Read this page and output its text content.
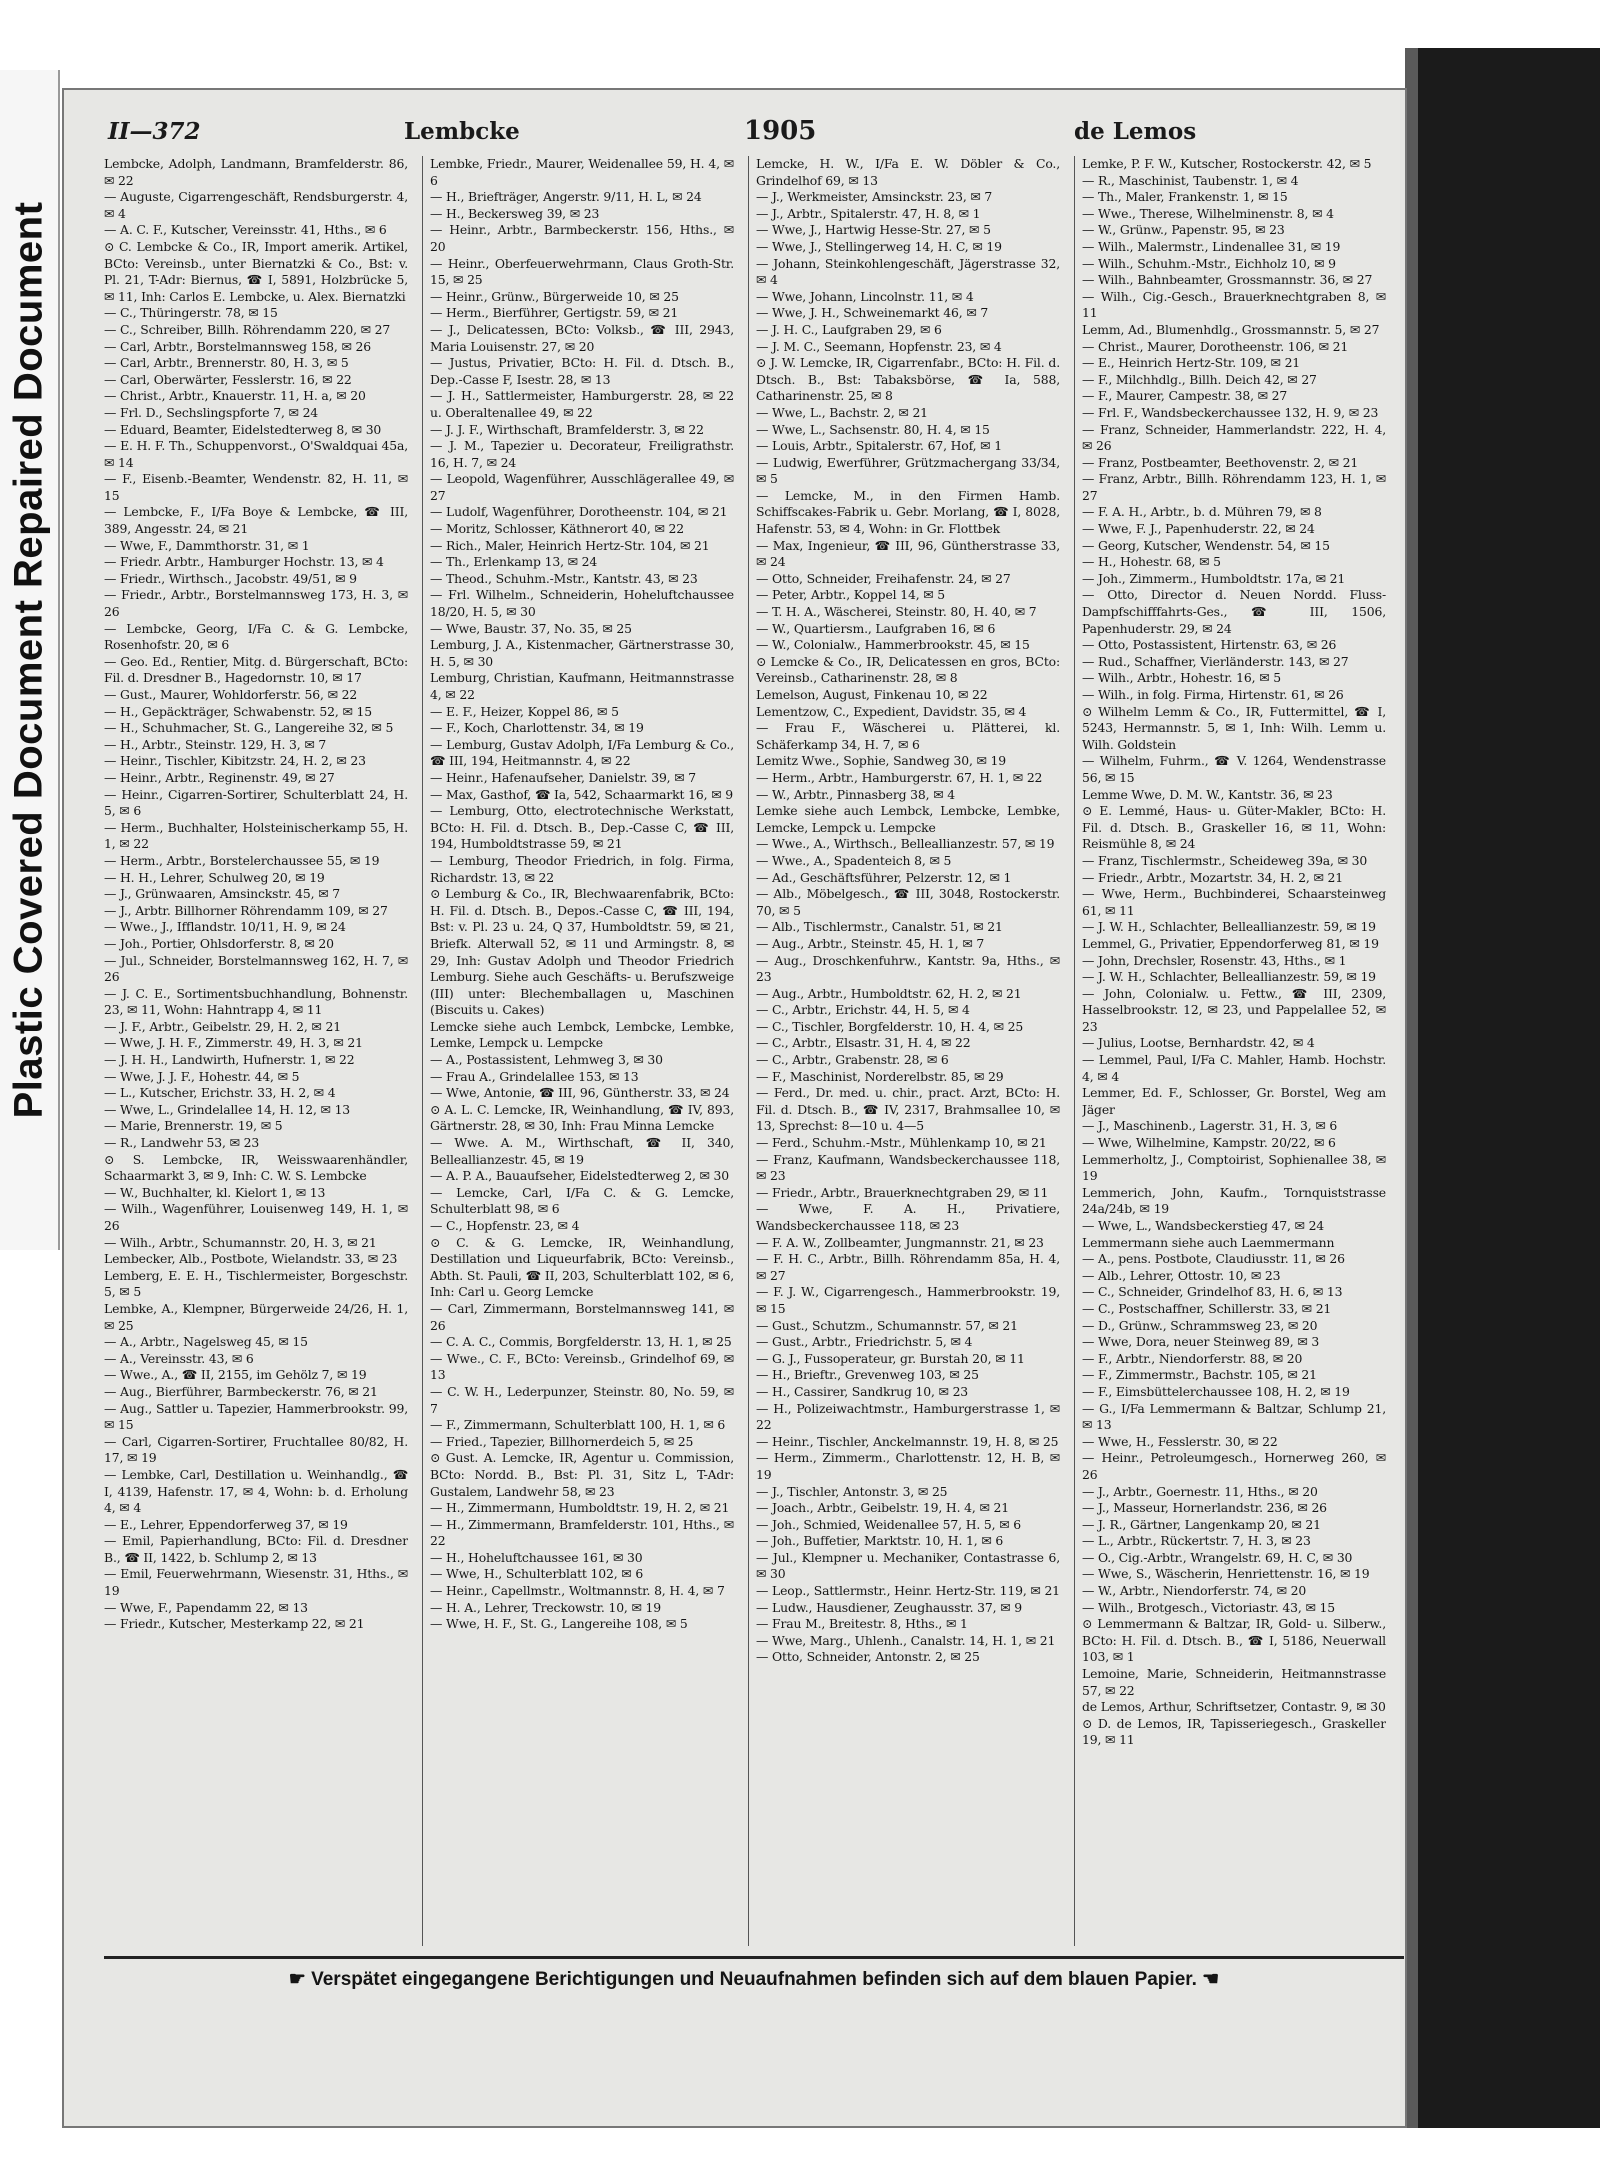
Plastic Covered Document Repaired Document
II—372	Lembcke	1905	de Lemos

Lembcke, Adolph, Landmann, Bramfelderstr. 86, ✉ 22

— Auguste, Cigarrengeschäft, Rendsburgerstr. 4, ✉ 4

— A. C. F., Kutscher, Vereinsstr. 41, Hths., ✉ 6

⊙ C. Lembcke & Co., IR, Import amerik. Artikel, BCto: Vereinsb., unter Biernatzki & Co., Bst: v. Pl. 21, T-Adr: Biernus, ☎ I, 5891, Holzbrücke 5, ✉ 11, Inh: Carlos E. Lembcke, u. Alex. Biernatzki

— C., Thüringerstr. 78, ✉ 15

— C., Schreiber, Billh. Röhrendamm 220, ✉ 27

— Carl, Arbtr., Borstelmannsweg 158, ✉ 26

— Carl, Arbtr., Brennerstr. 80, H. 3, ✉ 5

— Carl, Oberwärter, Fesslerstr. 16, ✉ 22

— Christ., Arbtr., Knauerstr. 11, H. a, ✉ 20

— Frl. D., Sechslingspforte 7, ✉ 24

— Eduard, Beamter, Eidelstedterweg 8, ✉ 30

— E. H. F. Th., Schuppenvorst., O'Swaldquai 45a, ✉ 14

— F., Eisenb.-Beamter, Wendenstr. 82, H. 11, ✉ 15

— Lembcke, F., I/Fa Boye & Lembcke, ☎ III, 389, Angesstr. 24, ✉ 21

— Wwe, F., Dammthorstr. 31, ✉ 1

— Friedr. Arbtr., Hamburger Hochstr. 13, ✉ 4

— Friedr., Wirthsch., Jacobstr. 49/51, ✉ 9

— Friedr., Arbtr., Borstelmannsweg 173, H. 3, ✉ 26

— Lembcke, Georg, I/Fa C. & G. Lembcke, Rosenhofstr. 20, ✉ 6

— Geo. Ed., Rentier, Mitg. d. Bürgerschaft, BCto: Fil. d. Dresdner B., Hagedornstr. 10, ✉ 17

— Gust., Maurer, Wohldorferstr. 56, ✉ 22

— H., Gepäckträger, Schwabenstr. 52, ✉ 15

— H., Schuhmacher, St. G., Langereihe 32, ✉ 5

— H., Arbtr., Steinstr. 129, H. 3, ✉ 7

— Heinr., Tischler, Kibitzstr. 24, H. 2, ✉ 23

— Heinr., Arbtr., Reginenstr. 49, ✉ 27

— Heinr., Cigarren-Sortirer, Schulterblatt 24, H. 5, ✉ 6

— Herm., Buchhalter, Holsteinischerkamp 55, H. 1, ✉ 22

— Herm., Arbtr., Borstelerchaussee 55, ✉ 19

— H. H., Lehrer, Schulweg 20, ✉ 19

— J., Grünwaaren, Amsinckstr. 45, ✉ 7

— J., Arbtr. Billhorner Röhrendamm 109, ✉ 27

— Wwe., J., Ifflandstr. 10/11, H. 9, ✉ 24

— Joh., Portier, Ohlsdorferstr. 8, ✉ 20

— Jul., Schneider, Borstelmannsweg 162, H. 7, ✉ 26

— J. C. E., Sortimentsbuchhandlung, Bohnenstr. 23, ✉ 11, Wohn: Hahntrapp 4, ✉ 11

— J. F., Arbtr., Geibelstr. 29, H. 2, ✉ 21

— Wwe, J. H. F., Zimmerstr. 49, H. 3, ✉ 21

— J. H. H., Landwirth, Hufnerstr. 1, ✉ 22

— Wwe, J. J. F., Hohestr. 44, ✉ 5

— L., Kutscher, Erichstr. 33, H. 2, ✉ 4

— Wwe, L., Grindelallee 14, H. 12, ✉ 13

— Marie, Brennerstr. 19, ✉ 5

— R., Landwehr 53, ✉ 23

⊙ S. Lembcke, IR, Weisswaarenhändler, Schaarmarkt 3, ✉ 9, Inh: C. W. S. Lembcke

— W., Buchhalter, kl. Kielort 1, ✉ 13

— Wilh., Wagenführer, Louisenweg 149, H. 1, ✉ 26

— Wilh., Arbtr., Schumannstr. 20, H. 3, ✉ 21

Lembecker, Alb., Postbote, Wielandstr. 33, ✉ 23

Lemberg, E. E. H., Tischlermeister, Borgeschstr. 5, ✉ 5

Lembke, A., Klempner, Bürgerweide 24/26, H. 1, ✉ 25

— A., Arbtr., Nagelsweg 45, ✉ 15

— A., Vereinsstr. 43, ✉ 6

— Wwe., A., ☎ II, 2155, im Gehölz 7, ✉ 19

— Aug., Bierführer, Barmbeckerstr. 76, ✉ 21

— Aug., Sattler u. Tapezier, Hammerbrookstr. 99, ✉ 15

— Carl, Cigarren-Sortirer, Fruchtallee 80/82, H. 17, ✉ 19

— Lembke, Carl, Destillation u. Weinhandlg., ☎ I, 4139, Hafenstr. 17, ✉ 4, Wohn: b. d. Erholung 4, ✉ 4

— E., Lehrer, Eppendorferweg 37, ✉ 19

— Emil, Papierhandlung, BCto: Fil. d. Dresdner B., ☎ II, 1422, b. Schlump 2, ✉ 13

— Emil, Feuerwehrmann, Wiesenstr. 31, Hths., ✉ 19

— Wwe, F., Papendamm 22, ✉ 13

— Friedr., Kutscher, Mesterkamp 22, ✉ 21

Lembke, Friedr., Maurer, Weidenallee 59, H. 4, ✉ 6

— H., Briefträger, Angerstr. 9/11, H. L, ✉ 24

— H., Beckersweg 39, ✉ 23

— Heinr., Arbtr., Barmbeckerstr. 156, Hths., ✉ 20

— Heinr., Oberfeuerwehrmann, Claus Groth-Str. 15, ✉ 25

— Heinr., Grünw., Bürgerweide 10, ✉ 25

— Herm., Bierführer, Gertigstr. 59, ✉ 21

— J., Delicatessen, BCto: Volksb., ☎ III, 2943, Maria Louisenstr. 27, ✉ 20

— Justus, Privatier, BCto: H. Fil. d. Dtsch. B., Dep.-Casse F, Isestr. 28, ✉ 13

— J. H., Sattlermeister, Hamburgerstr. 28, ✉ 22 u. Oberaltenallee 49, ✉ 22

— J. J. F., Wirthschaft, Bramfelderstr. 3, ✉ 22

— J. M., Tapezier u. Decorateur, Freiligrathstr. 16, H. 7, ✉ 24

— Leopold, Wagenführer, Ausschlägerallee 49, ✉ 27

— Ludolf, Wagenführer, Dorotheenstr. 104, ✉ 21

— Moritz, Schlosser, Käthnerort 40, ✉ 22

— Rich., Maler, Heinrich Hertz-Str. 104, ✉ 21

— Th., Erlenkamp 13, ✉ 24

— Theod., Schuhm.-Mstr., Kantstr. 43, ✉ 23

— Frl. Wilhelm., Schneiderin, Hoheluftchaussee 18/20, H. 5, ✉ 30

— Wwe, Baustr. 37, No. 35, ✉ 25

Lemburg, J. A., Kistenmacher, Gärtnerstrasse 30, H. 5, ✉ 30

Lemburg, Christian, Kaufmann, Heitmannstrasse 4, ✉ 22

— E. F., Heizer, Koppel 86, ✉ 5

— F., Koch, Charlottenstr. 34, ✉ 19

— Lemburg, Gustav Adolph, I/Fa Lemburg & Co., ☎ III, 194, Heitmannstr. 4, ✉ 22

— Heinr., Hafenaufseher, Danielstr. 39, ✉ 7

— Max, Gasthof, ☎ Ia, 542, Schaarmarkt 16, ✉ 9

— Lemburg, Otto, electrotechnische Werkstatt, BCto: H. Fil. d. Dtsch. B., Dep.-Casse C, ☎ III, 194, Humboldtstrasse 59, ✉ 21

— Lemburg, Theodor Friedrich, in folg. Firma, Richardstr. 13, ✉ 22

⊙ Lemburg & Co., IR, Blechwaarenfabrik, BCto: H. Fil. d. Dtsch. B., Depos.-Casse C, ☎ III, 194, Bst: v. Pl. 23 u. 24, Q 37, Humboldtstr. 59, ✉ 21, Briefk. Alterwall 52, ✉ 11 und Armingstr. 8, ✉ 29, Inh: Gustav Adolph und Theodor Friedrich Lemburg. Siehe auch Geschäfts- u. Berufszweige (III) unter: Blechemballagen u, Maschinen (Biscuits u. Cakes)

Lemcke siehe auch Lembck, Lembcke, Lembke, Lemke, Lempck u. Lempcke

— A., Postassistent, Lehmweg 3, ✉ 30

— Frau A., Grindelallee 153, ✉ 13

— Wwe, Antonie, ☎ III, 96, Güntherstr. 33, ✉ 24

⊙ A. L. C. Lemcke, IR, Weinhandlung, ☎ IV, 893, Gärtnerstr. 28, ✉ 30, Inh: Frau Minna Lemcke

— Wwe. A. M., Wirthschaft, ☎ II, 340, Belleallianzestr. 45, ✉ 19

— A. P. A., Bauaufseher, Eidelstedterweg 2, ✉ 30

— Lemcke, Carl, I/Fa C. & G. Lemcke, Schulterblatt 98, ✉ 6

— C., Hopfenstr. 23, ✉ 4

⊙ C. & G. Lemcke, IR, Weinhandlung, Destillation und Liqueurfabrik, BCto: Vereinsb., Abth. St. Pauli, ☎ II, 203, Schulterblatt 102, ✉ 6, Inh: Carl u. Georg Lemcke

— Carl, Zimmermann, Borstelmannsweg 141, ✉ 26

— C. A. C., Commis, Borgfelderstr. 13, H. 1, ✉ 25

— Wwe., C. F., BCto: Vereinsb., Grindelhof 69, ✉ 13

— C. W. H., Lederpunzer, Steinstr. 80, No. 59, ✉ 7

— F., Zimmermann, Schulterblatt 100, H. 1, ✉ 6

— Fried., Tapezier, Billhornerdeich 5, ✉ 25

⊙ Gust. A. Lemcke, IR, Agentur u. Commission, BCto: Nordd. B., Bst: Pl. 31, Sitz L, T-Adr: Gustalem, Landwehr 58, ✉ 23

— H., Zimmermann, Humboldtstr. 19, H. 2, ✉ 21

— H., Zimmermann, Bramfelderstr. 101, Hths., ✉ 22

— H., Hoheluftchaussee 161, ✉ 30

— Wwe, H., Schulterblatt 102, ✉ 6

— Heinr., Capellmstr., Woltmannstr. 8, H. 4, ✉ 7

— H. A., Lehrer, Treckowstr. 10, ✉ 19

— Wwe, H. F., St. G., Langereihe 108, ✉ 5

Lemcke, H. W., I/Fa E. W. Döbler & Co., Grindelhof 69, ✉ 13

— J., Werkmeister, Amsinckstr. 23, ✉ 7

— J., Arbtr., Spitalerstr. 47, H. 8, ✉ 1

— Wwe, J., Hartwig Hesse-Str. 27, ✉ 5

— Wwe, J., Stellingerweg 14, H. C, ✉ 19

— Johann, Steinkohlengeschäft, Jägerstrasse 32, ✉ 4

— Wwe, Johann, Lincolnstr. 11, ✉ 4

— Wwe, J. H., Schweinemarkt 46, ✉ 7

— J. H. C., Laufgraben 29, ✉ 6

— J. M. C., Seemann, Hopfenstr. 23, ✉ 4

⊙ J. W. Lemcke, IR, Cigarrenfabr., BCto: H. Fil. d. Dtsch. B., Bst: Tabaksbörse, ☎ Ia, 588, Catharinenstr. 25, ✉ 8

— Wwe, L., Bachstr. 2, ✉ 21

— Wwe, L., Sachsenstr. 80, H. 4, ✉ 15

— Louis, Arbtr., Spitalerstr. 67, Hof, ✉ 1

— Ludwig, Ewerführer, Grützmachergang 33/34, ✉ 5

— Lemcke, M., in den Firmen Hamb. Schiffscakes-Fabrik u. Gebr. Morlang, ☎ I, 8028, Hafenstr. 53, ✉ 4, Wohn: in Gr. Flottbek

— Max, Ingenieur, ☎ III, 96, Güntherstrasse 33, ✉ 24

— Otto, Schneider, Freihafenstr. 24, ✉ 27

— Peter, Arbtr., Koppel 14, ✉ 5

— T. H. A., Wäscherei, Steinstr. 80, H. 40, ✉ 7

— W., Quartiersm., Laufgraben 16, ✉ 6

— W., Colonialw., Hammerbrookstr. 45, ✉ 15

⊙ Lemcke & Co., IR, Delicatessen en gros, BCto: Vereinsb., Catharinenstr. 28, ✉ 8

Lemelson, August, Finkenau 10, ✉ 22

Lementzow, C., Expedient, Davidstr. 35, ✉ 4

— Frau F., Wäscherei u. Plätterei, kl. Schäferkamp 34, H. 7, ✉ 6

Lemitz Wwe., Sophie, Sandweg 30, ✉ 19

— Herm., Arbtr., Hamburgerstr. 67, H. 1, ✉ 22

— W., Arbtr., Pinnasberg 38, ✉ 4

Lemke siehe auch Lembck, Lembcke, Lembke, Lemcke, Lempck u. Lempcke

— Wwe., A., Wirthsch., Belleallianzestr. 57, ✉ 19

— Wwe., A., Spadenteich 8, ✉ 5

— Ad., Geschäftsführer, Pelzerstr. 12, ✉ 1

— Alb., Möbelgesch., ☎ III, 3048, Rostockerstr. 70, ✉ 5

— Alb., Tischlermstr., Canalstr. 51, ✉ 21

— Aug., Arbtr., Steinstr. 45, H. 1, ✉ 7

— Aug., Droschkenfuhrw., Kantstr. 9a, Hths., ✉ 23

— Aug., Arbtr., Humboldtstr. 62, H. 2, ✉ 21

— C., Arbtr., Erichstr. 44, H. 5, ✉ 4

— C., Tischler, Borgfelderstr. 10, H. 4, ✉ 25

— C., Arbtr., Elsastr. 31, H. 4, ✉ 22

— C., Arbtr., Grabenstr. 28, ✉ 6

— F., Maschinist, Norderelbstr. 85, ✉ 29

— Ferd., Dr. med. u. chir., pract. Arzt, BCto: H. Fil. d. Dtsch. B., ☎ IV, 2317, Brahmsallee 10, ✉ 13, Sprechst: 8—10 u. 4—5

— Ferd., Schuhm.-Mstr., Mühlenkamp 10, ✉ 21

— Franz, Kaufmann, Wandsbeckerchaussee 118, ✉ 23

— Friedr., Arbtr., Brauerknechtgraben 29, ✉ 11

— Wwe, F. A. H., Privatiere, Wandsbeckerchaussee 118, ✉ 23

— F. A. W., Zollbeamter, Jungmannstr. 21, ✉ 23

— F. H. C., Arbtr., Billh. Röhrendamm 85a, H. 4, ✉ 27

— F. J. W., Cigarrengesch., Hammerbrookstr. 19, ✉ 15

— Gust., Schutzm., Schumannstr. 57, ✉ 21

— Gust., Arbtr., Friedrichstr. 5, ✉ 4

— G. J., Fussoperateur, gr. Burstah 20, ✉ 11

— H., Brieftr., Grevenweg 103, ✉ 25

— H., Cassirer, Sandkrug 10, ✉ 23

— H., Polizeiwachtmstr., Hamburgerstrasse 1, ✉ 22

— Heinr., Tischler, Anckelmannstr. 19, H. 8, ✉ 25

— Herm., Zimmerm., Charlottenstr. 12, H. B, ✉ 19

— J., Tischler, Antonstr. 3, ✉ 25

— Joach., Arbtr., Geibelstr. 19, H. 4, ✉ 21

— Joh., Schmied, Weidenallee 57, H. 5, ✉ 6

— Joh., Buffetier, Marktstr. 10, H. 1, ✉ 6

— Jul., Klempner u. Mechaniker, Contastrasse 6, ✉ 30

— Leop., Sattlermstr., Heinr. Hertz-Str. 119, ✉ 21

— Ludw., Hausdiener, Zeughausstr. 37, ✉ 9

— Frau M., Breitestr. 8, Hths., ✉ 1

— Wwe, Marg., Uhlenh., Canalstr. 14, H. 1, ✉ 21

— Otto, Schneider, Antonstr. 2, ✉ 25

Lemke, P. F. W., Kutscher, Rostockerstr. 42, ✉ 5

— R., Maschinist, Taubenstr. 1, ✉ 4

— Th., Maler, Frankenstr. 1, ✉ 15

— Wwe., Therese, Wilhelminenstr. 8, ✉ 4

— W., Grünw., Papenstr. 95, ✉ 23

— Wilh., Malermstr., Lindenallee 31, ✉ 19

— Wilh., Schuhm.-Mstr., Eichholz 10, ✉ 9

— Wilh., Bahnbeamter, Grossmannstr. 36, ✉ 27

— Wilh., Cig.-Gesch., Brauerknechtgraben 8, ✉ 11

Lemm, Ad., Blumenhdlg., Grossmannstr. 5, ✉ 27

— Christ., Maurer, Dorotheenstr. 106, ✉ 21

— E., Heinrich Hertz-Str. 109, ✉ 21

— F., Milchhdlg., Billh. Deich 42, ✉ 27

— F., Maurer, Campestr. 38, ✉ 27

— Frl. F., Wandsbeckerchaussee 132, H. 9, ✉ 23

— Franz, Schneider, Hammerlandstr. 222, H. 4, ✉ 26

— Franz, Postbeamter, Beethovenstr. 2, ✉ 21

— Franz, Arbtr., Billh. Röhrendamm 123, H. 1, ✉ 27

— F. A. H., Arbtr., b. d. Mühren 79, ✉ 8

— Wwe, F. J., Papenhuderstr. 22, ✉ 24

— Georg, Kutscher, Wendenstr. 54, ✉ 15

— H., Hohestr. 68, ✉ 5

— Joh., Zimmerm., Humboldtstr. 17a, ✉ 21

— Otto, Director d. Neuen Nordd. Fluss-Dampfschifffahrts-Ges., ☎ III, 1506, Papenhuderstr. 29, ✉ 24

— Otto, Postassistent, Hirtenstr. 63, ✉ 26

— Rud., Schaffner, Vierländerstr. 143, ✉ 27

— Wilh., Arbtr., Hohestr. 16, ✉ 5

— Wilh., in folg. Firma, Hirtenstr. 61, ✉ 26

⊙ Wilhelm Lemm & Co., IR, Futtermittel, ☎ I, 5243, Hermannstr. 5, ✉ 1, Inh: Wilh. Lemm u. Wilh. Goldstein

— Wilhelm, Fuhrm., ☎ V. 1264, Wendenstrasse 56, ✉ 15

Lemme Wwe, D. M. W., Kantstr. 36, ✉ 23

⊙ E. Lemmé, Haus- u. Güter-Makler, BCto: H. Fil. d. Dtsch. B., Graskeller 16, ✉ 11, Wohn: Reismühle 8, ✉ 24

— Franz, Tischlermstr., Scheideweg 39a, ✉ 30

— Friedr., Arbtr., Mozartstr. 34, H. 2, ✉ 21

— Wwe, Herm., Buchbinderei, Schaarsteinweg 61, ✉ 11

— J. W. H., Schlachter, Belleallianzestr. 59, ✉ 19

Lemmel, G., Privatier, Eppendorferweg 81, ✉ 19

— John, Drechsler, Rosenstr. 43, Hths., ✉ 1

— J. W. H., Schlachter, Belleallianzestr. 59, ✉ 19

— John, Colonialw. u. Fettw., ☎ III, 2309, Hasselbrookstr. 12, ✉ 23, und Pappelallee 52, ✉ 23

— Julius, Lootse, Bernhardstr. 42, ✉ 4

— Lemmel, Paul, I/Fa C. Mahler, Hamb. Hochstr. 4, ✉ 4

Lemmer, Ed. F., Schlosser, Gr. Borstel, Weg am Jäger

— J., Maschinenb., Lagerstr. 31, H. 3, ✉ 6

— Wwe, Wilhelmine, Kampstr. 20/22, ✉ 6

Lemmerholtz, J., Comptoirist, Sophienallee 38, ✉ 19

Lemmerich, John, Kaufm., Tornquiststrasse 24a/24b, ✉ 19

— Wwe, L., Wandsbeckerstieg 47, ✉ 24

Lemmermann siehe auch Laemmermann

— A., pens. Postbote, Claudiusstr. 11, ✉ 26

— Alb., Lehrer, Ottostr. 10, ✉ 23

— C., Schneider, Grindelhof 83, H. 6, ✉ 13

— C., Postschaffner, Schillerstr. 33, ✉ 21

— D., Grünw., Schrammsweg 23, ✉ 20

— Wwe, Dora, neuer Steinweg 89, ✉ 3

— F., Arbtr., Niendorferstr. 88, ✉ 20

— F., Zimmermstr., Bachstr. 105, ✉ 21

— F., Eimsbüttelerchaussee 108, H. 2, ✉ 19

— G., I/Fa Lemmermann & Baltzar, Schlump 21, ✉ 13

— Wwe, H., Fesslerstr. 30, ✉ 22

— Heinr., Petroleumgesch., Hornerweg 260, ✉ 26

— J., Arbtr., Goernestr. 11, Hths., ✉ 20

— J., Masseur, Hornerlandstr. 236, ✉ 26

— J. R., Gärtner, Langenkamp 20, ✉ 21

— L., Arbtr., Rückertstr. 7, H. 3, ✉ 23

— O., Cig.-Arbtr., Wrangelstr. 69, H. C, ✉ 30

— Wwe, S., Wäscherin, Henriettenstr. 16, ✉ 19

— W., Arbtr., Niendorferstr. 74, ✉ 20

— Wilh., Brotgesch., Victoriastr. 43, ✉ 15

⊙ Lemmermann & Baltzar, IR, Gold- u. Silberw., BCto: H. Fil. d. Dtsch. B., ☎ I, 5186, Neuerwall 103, ✉ 1

Lemoine, Marie, Schneiderin, Heitmannstrasse 57, ✉ 22

de Lemos, Arthur, Schriftsetzer, Contastr. 9, ✉ 30

⊙ D. de Lemos, IR, Tapisseriegesch., Graskeller 19, ✉ 11

☛ Verspätet eingegangene Berichtigungen und Neuaufnahmen befinden sich auf dem blauen Papier. ☚
